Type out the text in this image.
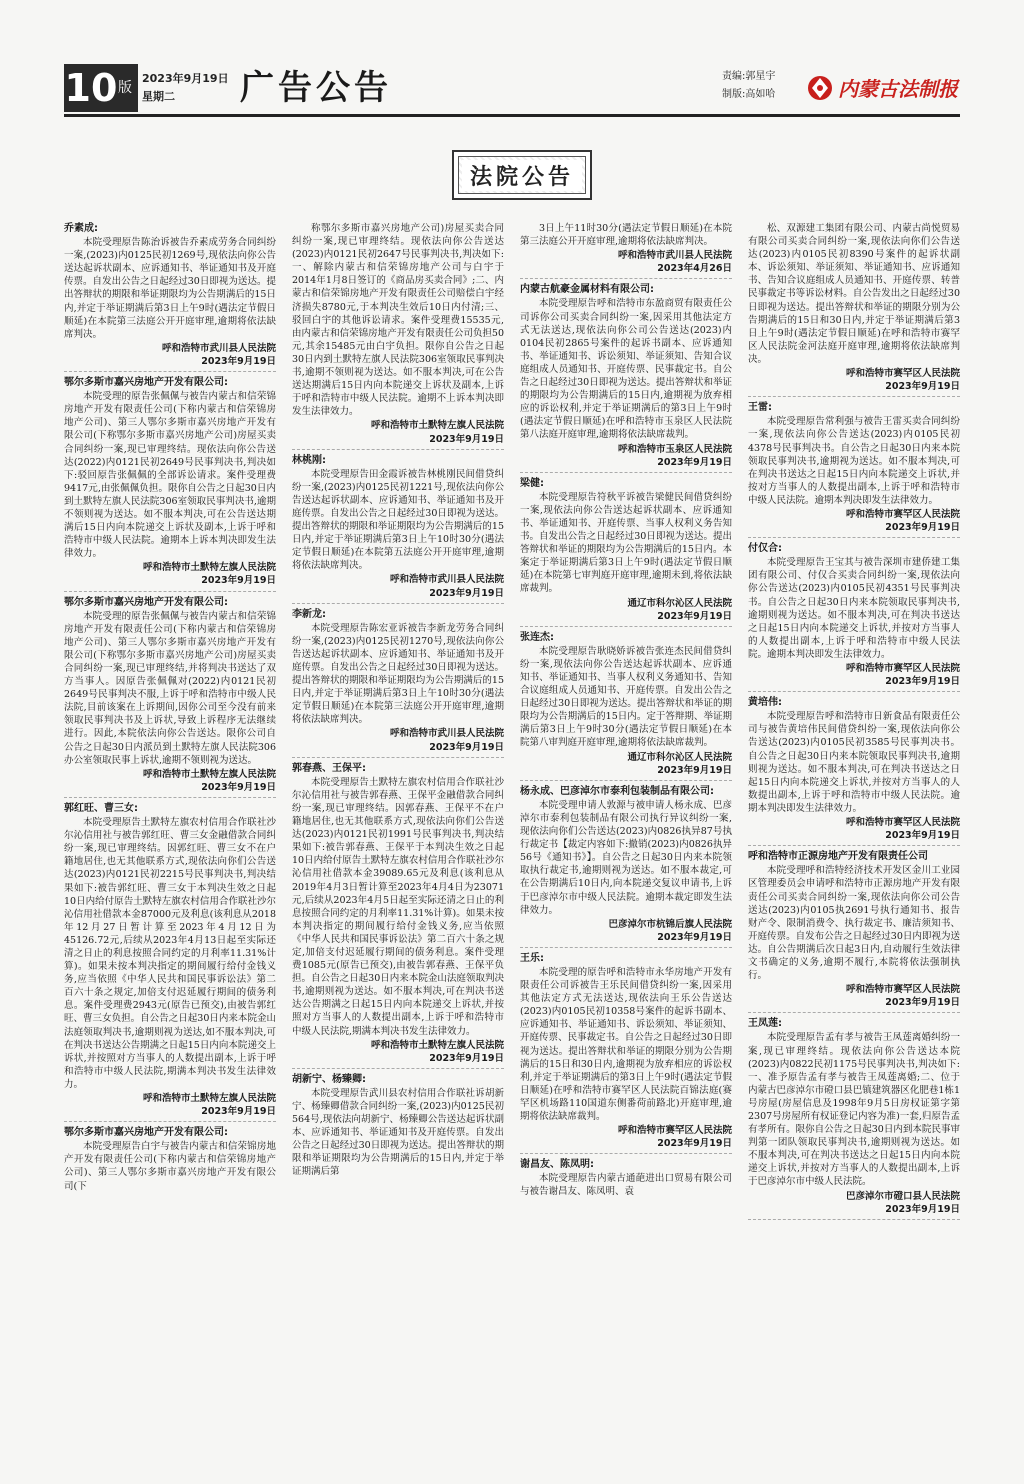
10 版
2023年9月19日
星期二	广告公告	责编:郭星宇
制版:高如哈	内蒙古法制报
法院公告

乔素成:

本院受理原告陈治诉被告乔素成劳务合同纠纷一案,(2023)内0125民初1269号,现依法向你公告送达起诉状副本、应诉通知书、举证通知书及开庭传票。自发出公告之日起经过30日即视为送达。提出答辩状的期限和举证期限均为公告期满后的15日内,并定于举证期满后第3日上午9时(遇法定节假日顺延)在本院第三法庭公开开庭审理,逾期将依法缺席判决。

呼和浩特市武川县人民法院

2023年9月19日

鄂尔多斯市嘉兴房地产开发有限公司:

本院受理的原告张佩佩与被告内蒙古和信荣锦房地产开发有限责任公司(下称内蒙古和信荣锦房地产公司)、第三人鄂尔多斯市嘉兴房地产开发有限公司(下称鄂尔多斯市嘉兴房地产公司)房屋买卖合同纠纷一案,现已审理终结。现依法向你公告送达(2022)内0121民初2649号民事判决书,判决如下:驳回原告张佩佩的全部诉讼请求。案件受理费9417元,由张佩佩负担。限你自公告之日起30日内到土默特左旗人民法院306室领取民事判决书,逾期不领则视为送达。如不服本判决,可在公告送达期满后15日内向本院递交上诉状及副本,上诉于呼和浩特市中级人民法院。逾期本上诉本判决即发生法律效力。

呼和浩特市土默特左旗人民法院

2023年9月19日

鄂尔多斯市嘉兴房地产开发有限公司:

本院受理的原告张佩佩与被告内蒙古和信荣锦房地产开发有限责任公司(下称内蒙古和信荣锦房地产公司)、第三人鄂尔多斯市嘉兴房地产开发有限公司(下称鄂尔多斯市嘉兴房地产公司)房屋买卖合同纠纷一案,现已审理终结,并将判决书送达了双方当事人。因原告张佩佩对(2022)内0121民初2649号民事判决不服,上诉于呼和浩特市中级人民法院,目前该案在上诉期间,因你公司至今没有前来领取民事判决书及上诉状,导致上诉程序无法继续进行。因此,本院依法向你公告送达。限你公司自公告之日起30日内派员到土默特左旗人民法院306办公室领取民事上诉状,逾期不领则视为送达。

呼和浩特市土默特左旗人民法院

2023年9月19日

郭红旺、曹三女:

本院受理原告土默特左旗农村信用合作联社沙尔沁信用社与被告郭红旺、曹三女金融借款合同纠纷一案,现已审理终结。因郭红旺、曹三女不在户籍地居住,也无其他联系方式,现依法向你们公告送达(2023)内0121民初2215号民事判决书,判决结果如下:被告郭红旺、曹三女于本判决生效之日起10日内给付原告土默特左旗农村信用合作联社沙尔沁信用社借款本金87000元及利息(该利息从2018年12月27日暂计算至2023年4月12日为45126.72元,后续从2023年4月13日起至实际还清之日止的利息按照合同约定的月利率11.31%计算)。如果未按本判决指定的期间履行给付金钱义务,应当依照《中华人民共和国民事诉讼法》第二百六十条之规定,加倍支付迟延履行期间的债务利息。案件受理费2943元(原告已预交),由被告郭红旺、曹三女负担。自公告之日起30日内来本院金山法庭领取判决书,逾期则视为送达,如不服本判决,可在判决书送达公告期满之日起15日内向本院递交上诉状,并按照对方当事人的人数提出副本,上诉于呼和浩特市中级人民法院,期满本判决书发生法律效力。

呼和浩特市土默特左旗人民法院

2023年9月19日

鄂尔多斯市嘉兴房地产开发有限公司:

本院受理原告白宇与被告内蒙古和信荣锦房地产开发有限责任公司(下称内蒙古和信荣锦房地产公司)、第三人鄂尔多斯市嘉兴房地产开发有限公司(下

称鄂尔多斯市嘉兴房地产公司)房屋买卖合同纠纷一案,现已审理终结。现依法向你公告送达(2023)内0121民初2647号民事判决书,判决如下:一、解除内蒙古和信荣锦房地产公司与白宇于2014年1月8日签订的《商品房买卖合同》;二、内蒙古和信荣锦房地产开发有限责任公司赔偿白宇经济损失8780元,于本判决生效后10日内付清;三、驳回白宇的其他诉讼请求。案件受理费15535元,由内蒙古和信荣锦房地产开发有限责任公司负担50元,其余15485元由白宇负担。限你自公告之日起30日内到土默特左旗人民法院306室领取民事判决书,逾期不领则视为送达。如不服本判决,可在公告送达期满后15日内向本院递交上诉状及副本,上诉于呼和浩特市中级人民法院。逾期不上诉本判决即发生法律效力。

呼和浩特市土默特左旗人民法院

2023年9月19日

林桃刚:

本院受理原告田金霞诉被告林桃刚民间借贷纠纷一案,(2023)内0125民初1221号,现依法向你公告送达起诉状副本、应诉通知书、举证通知书及开庭传票。自发出公告之日起经过30日即视为送达。提出答辩状的期限和举证期限均为公告期满后的15日内,并定于举证期满后第3日上午10时30分(遇法定节假日顺延)在本院第五法庭公开开庭审理,逾期将依法缺席判决。

呼和浩特市武川县人民法院

2023年9月19日

李新龙:

本院受理原告陈宏亚诉被告李新龙劳务合同纠纷一案,(2023)内0125民初1270号,现依法向你公告送达起诉状副本、应诉通知书、举证通知书及开庭传票。自发出公告之日起经过30日即视为送达。提出答辩状的期限和举证期限均为公告期满后的15日内,并定于举证期满后第3日上午10时30分(遇法定节假日顺延)在本院第三法庭公开开庭审理,逾期将依法缺席判决。

呼和浩特市武川县人民法院

2023年9月19日

郭春燕、王保平:

本院受理原告土默特左旗农村信用合作联社沙尔沁信用社与被告郭春燕、王保平金融借款合同纠纷一案,现已审理终结。因郭春燕、王保平不在户籍地居住,也无其他联系方式,现依法向你们公告送达(2023)内0121民初1991号民事判决书,判决结果如下:被告郭春燕、王保平于本判决生效之日起10日内给付原告土默特左旗农村信用合作联社沙尔沁信用社借款本金39089.65元及利息(该利息从2019年4月3日暂计算至2023年4月4日为23071元,后续从2023年4月5日起至实际还清之日止的利息按照合同约定的月利率11.31%计算)。如果未按本判决指定的期间履行给付金钱义务,应当依照《中华人民共和国民事诉讼法》第二百六十条之规定,加倍支付迟延履行期间的债务利息。案件受理费1085元(原告已预交),由被告郭春燕、王保平负担。自公告之日起30日内来本院金山法庭领取判决书,逾期则视为送达。如不服本判决,可在判决书送达公告期满之日起15日内向本院递交上诉状,并按照对方当事人的人数提出副本,上诉于呼和浩特市中级人民法院,期满本判决书发生法律效力。

呼和浩特市土默特左旗人民法院

2023年9月19日

胡新宁、杨臻卿:

本院受理原告武川县农村信用合作联社诉胡新宁、杨臻卿借款合同纠纷一案,(2023)内0125民初564号,现依法向胡新宁、杨臻卿公告送达起诉状副本、应诉通知书、举证通知书及开庭传票。自发出公告之日起经过30日即视为送达。提出答辩状的期限和举证期限均为公告期满后的15日内,并定于举证期满后第

3日上午11时30分(遇法定节假日顺延)在本院第三法庭公开开庭审理,逾期将依法缺席判决。

呼和浩特市武川县人民法院

2023年4月26日

内蒙古航豪金属材料有限公司:

本院受理原告呼和浩特市东盈商贸有限责任公司诉你公司买卖合同纠纷一案,因采用其他法定方式无法送达,现依法向你公司公告送达(2023)内0104民初2865号案件的起诉书副本、应诉通知书、举证通知书、诉讼须知、举证须知、告知合议庭组成人员通知书、开庭传票、民事裁定书。自公告之日起经过30日即视为送达。提出答辩状和举证的期限均为公告期满后的15日内,逾期视为放弃相应的诉讼权利,并定于举证期满后的第3日上午9时(遇法定节假日顺延)在呼和浩特市玉泉区人民法院第八法庭开庭审理,逾期将依法缺席裁判。

呼和浩特市玉泉区人民法院

2023年9月19日

梁健:

本院受理原告符秋平诉被告梁健民间借贷纠纷一案,现依法向你公告送达起诉状副本、应诉通知书、举证通知书、开庭传票、当事人权利义务告知书。自发出公告之日起经过30日即视为送达。提出答辩状和举证的期限均为公告期满后的15日内。本案定于举证期满后第3日上午9时(遇法定节假日顺延)在本院第七审判庭开庭审理,逾期未到,将依法缺席裁判。

通辽市科尔沁区人民法院

2023年9月19日

张连杰:

本院受理原告耿晓娇诉被告张连杰民间借贷纠纷一案,现依法向你公告送达起诉状副本、应诉通知书、举证通知书、当事人权利义务通知书、告知合议庭组成人员通知书、开庭传票。自发出公告之日起经过30日即视为送达。提出答辩状和举证的期限均为公告期满后的15日内。定于答辩期、举证期满后第3日上午9时30分(遇法定节假日顺延)在本院第八审判庭开庭审理,逾期将依法缺席裁判。

通辽市科尔沁区人民法院

2023年9月19日

杨永成、巴彦淖尔市泰利包装制品有限公司:

本院受理申请人敦源与被申请人杨永成、巴彦淖尔市泰利包装制品有限公司执行异议纠纷一案,现依法向你们公告送达(2023)内0826执异87号执行裁定书【裁定内容如下:撤销(2023)内0826执异56号《通知书》】。自公告之日起30日内来本院领取执行裁定书,逾期则视为送达。如不服本裁定,可在公告期满后10日内,向本院递交复议申请书,上诉于巴彦淖尔市中级人民法院。逾期本裁定即发生法律效力。

巴彦淖尔市杭锦后旗人民法院

2023年9月19日

王乐:

本院受理的原告呼和浩特市永华房地产开发有限责任公司诉被告王乐民间借贷纠纷一案,因采用其他法定方式无法送达,现依法向王乐公告送达(2023)内0105民初10358号案件的起诉书副本、应诉通知书、举证通知书、诉讼须知、举证须知、开庭传票、民事裁定书。自公告之日起经过30日即视为送达。提出答辩状和举证的期限分别为公告期满后的15日和30日内,逾期视为放弃相应的诉讼权利,并定于举证期满后的第3日上午9时(遇法定节假日顺延)在呼和浩特市赛罕区人民法院百锦法庭(赛罕区机场路110国道东侧番荷前路北)开庭审理,逾期将依法缺席裁判。

呼和浩特市赛罕区人民法院

2023年9月19日

谢昌友、陈凤明:

本院受理原告内蒙古通葩进出口贸易有限公司与被告谢昌友、陈凤明、袁

松、双源建工集团有限公司、内蒙古尚悦贸易有限公司买卖合同纠纷一案,现依法向你们公告送达(2023)内0105民初8390号案件的起诉状副本、诉讼须知、举证须知、举证通知书、应诉通知书、告知合议庭组成人员通知书、开庭传票、转普民事裁定书等诉讼材料。自公告发出之日起经过30日即视为送达。提出答辩状和举证的期限分别为公告期满后的15日和30日内,并定于举证期满后第3日上午9时(遇法定节假日顺延)在呼和浩特市赛罕区人民法院金河法庭开庭审理,逾期将依法缺席判决。

呼和浩特市赛罕区人民法院

2023年9月19日

王雷:

本院受理原告常利强与被告王雷买卖合同纠纷一案,现依法向你公告送达(2023)内0105民初4378号民事判决书。自公告之日起30日内来本院领取民事判决书,逾期视为送达。如不服本判决,可在判决书送达之日起15日内向本院递交上诉状,并按对方当事人的人数提出副本,上诉于呼和浩特市中级人民法院。逾期本判决即发生法律效力。

呼和浩特市赛罕区人民法院

2023年9月19日

付仅合:

本院受理原告王宝其与被告深圳市建侨建工集团有限公司、付仅合买卖合同纠纷一案,现依法向你公告送达(2023)内0105民初4351号民事判决书。自公告之日起30日内来本院领取民事判决书,逾期则视为送达。如不服本判决,可在判决书送达之日起15日内向本院递交上诉状,并按对方当事人的人数提出副本,上诉于呼和浩特市中级人民法院。逾期本判决即发生法律效力。

呼和浩特市赛罕区人民法院

2023年9月19日

黄培伟:

本院受理原告呼和浩特市日新食品有限责任公司与被告黄培伟民间借贷纠纷一案,现依法向你公告送达(2023)内0105民初3585号民事判决书。自公告之日起30日内来本院领取民事判决书,逾期则视为送达。如不服本判决,可在判决书送达之日起15日内向本院递交上诉状,并按对方当事人的人数提出副本,上诉于呼和浩特市中级人民法院。逾期本判决即发生法律效力。

呼和浩特市赛罕区人民法院

2023年9月19日

呼和浩特市正源房地产开发有限责任公司

本院受理呼和浩特经济技术开发区金川工业园区管理委员会申请呼和浩特市正源房地产开发有限责任公司买卖合同纠纷一案,现依法向你公司公告送达(2023)内0105执2691号执行通知书、报告财产令、限制消费令、执行裁定书、廉洁须知书、开庭传票。自发布公告之日起经过30日内即视为送达。自公告期满后次日起3日内,自动履行生效法律文书确定的义务,逾期不履行,本院将依法强制执行。

呼和浩特市赛罕区人民法院

2023年9月19日

王凤莲:

本院受理原告孟有孝与被告王凤莲离婚纠纷一案,现已审理终结。现依法向你公告送达本院(2023)内0822民初1175号民事判决书,判决如下:一、准予原告孟有孝与被告王凤莲离婚;二、位于内蒙古巴彦淖尔市磴口县巴镇建筑器区化肥巷1栋1号房屋(房屋信息及1998年9月5日房权证第字第2307号房屋所有权证登记内容为准)一套,归原告孟有孝所有。限你自公告之日起30日内到本院民事审判第一团队领取民事判决书,逾期则视为送达。如不服本判决,可在判决书送达之日起15日内向本院递交上诉状,并按对方当事人的人数提出副本,上诉于巴彦淖尔市中级人民法院。

巴彦淖尔市磴口县人民法院

2023年9月19日
